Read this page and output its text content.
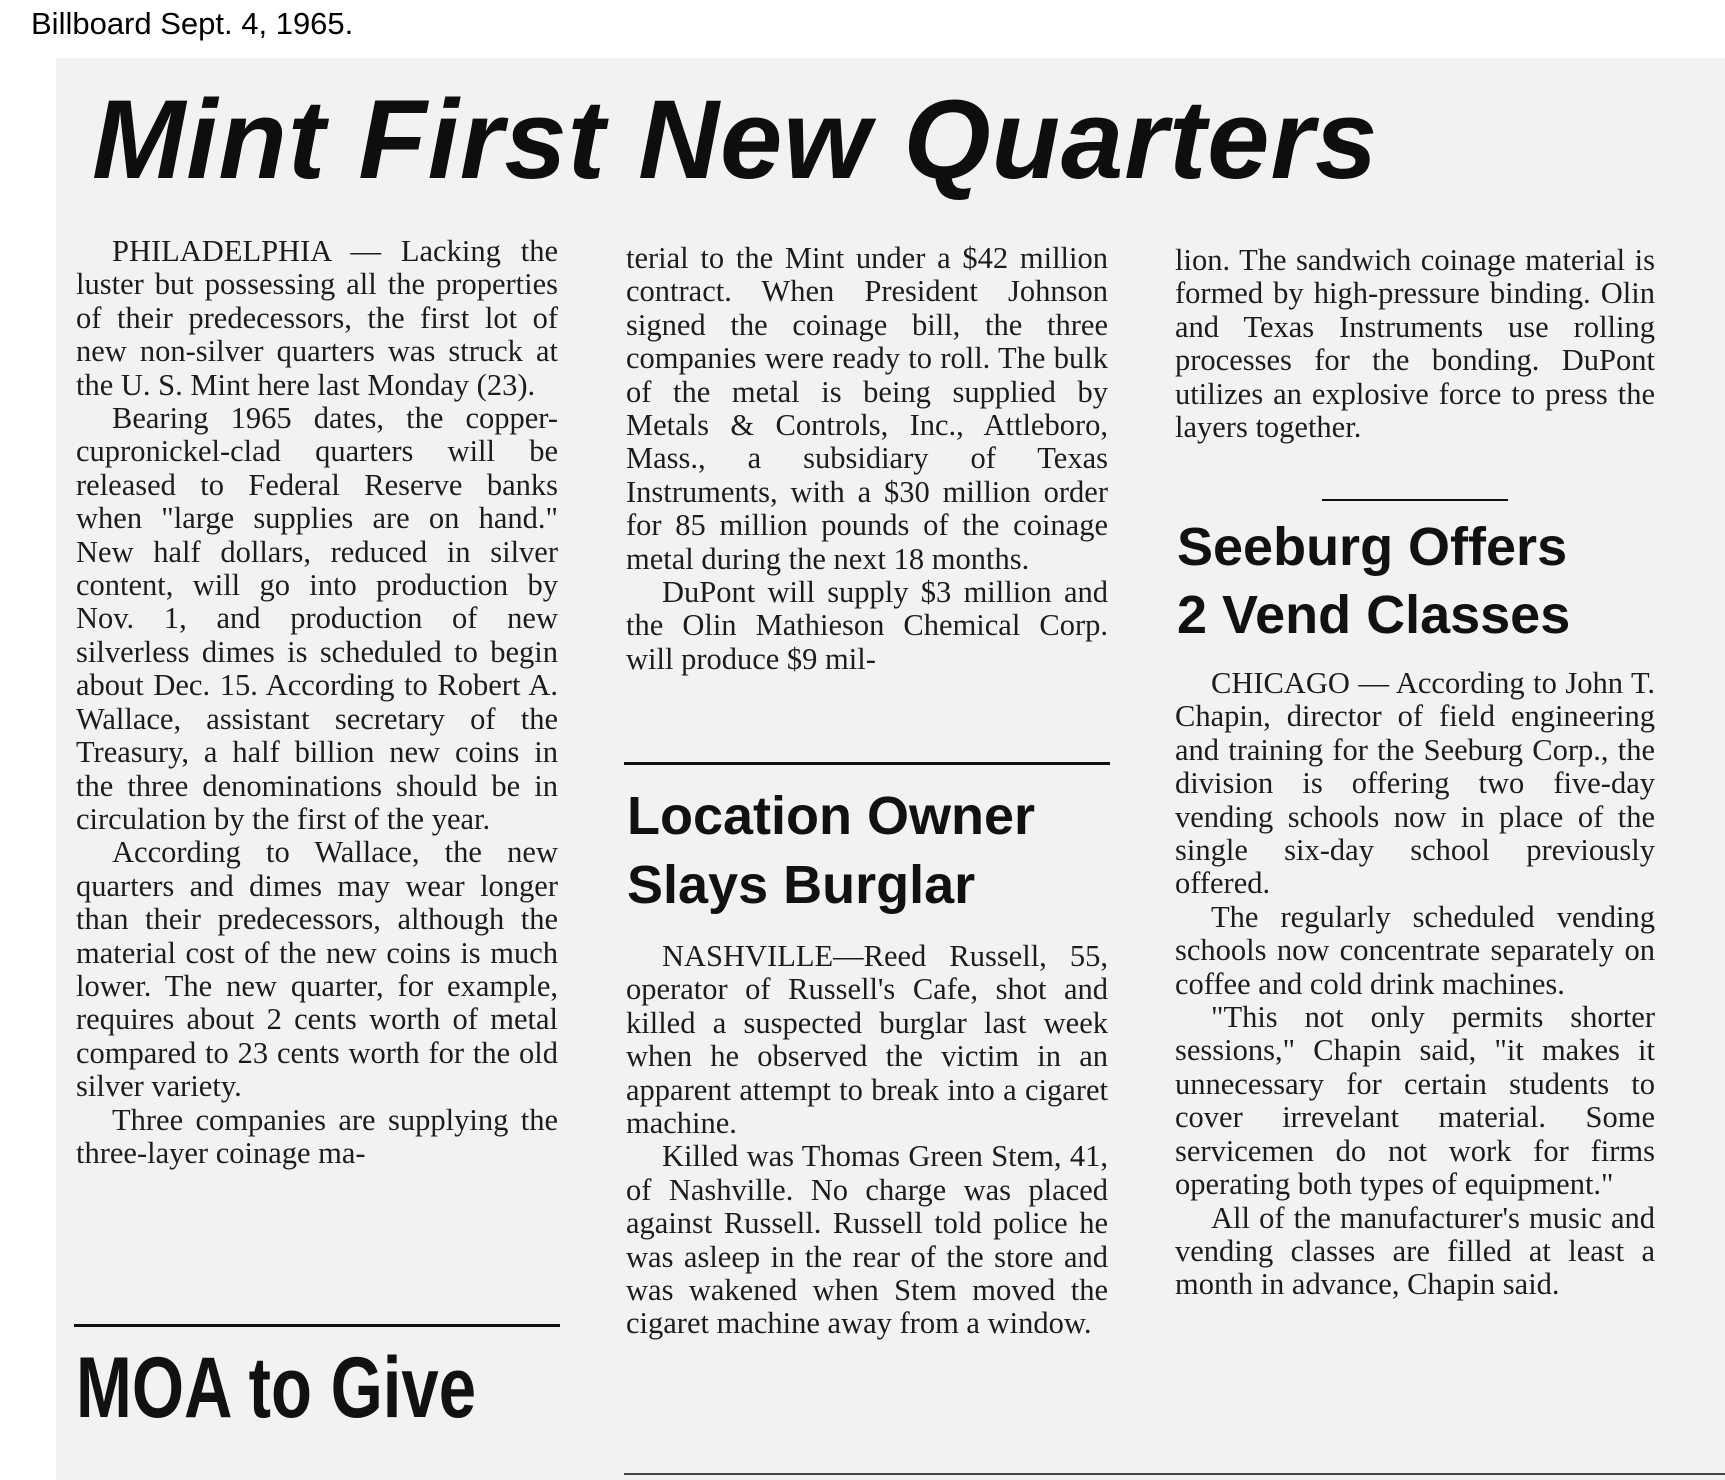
Billboard Sept. 4, 1965.
Mint First New Quarters

PHILADELPHIA — Lacking the luster but possessing all the properties of their predecessors, the first lot of new non-silver quarters was struck at the U. S. Mint here last Monday (23).

Bearing 1965 dates, the copper-cupronickel-clad quarters will be released to Federal Reserve banks when "large supplies are on hand." New half dollars, reduced in silver content, will go into production by Nov. 1, and production of new silverless dimes is scheduled to begin about Dec. 15. According to Robert A. Wallace, assistant secretary of the Treasury, a half billion new coins in the three denominations should be in circulation by the first of the year.

According to Wallace, the new quarters and dimes may wear longer than their predecessors, although the material cost of the new coins is much lower. The new quarter, for example, requires about 2 cents worth of metal compared to 23 cents worth for the old silver variety.

Three companies are supplying the three-layer coinage ma-

MOA to Give

terial to the Mint under a $42 million contract. When President Johnson signed the coinage bill, the three companies were ready to roll. The bulk of the metal is being supplied by Metals & Controls, Inc., Attleboro, Mass., a subsidiary of Texas Instruments, with a $30 million order for 85 million pounds of the coinage metal during the next 18 months.

DuPont will supply $3 million and the Olin Mathieson Chemical Corp. will produce $9 mil-

Location Owner
Slays Burglar

NASHVILLE—Reed Russell, 55, operator of Russell's Cafe, shot and killed a suspected burglar last week when he observed the victim in an apparent attempt to break into a cigaret machine.

Killed was Thomas Green Stem, 41, of Nashville. No charge was placed against Russell. Russell told police he was asleep in the rear of the store and was wakened when Stem moved the cigaret machine away from a window.

lion. The sandwich coinage material is formed by high-pressure binding. Olin and Texas Instruments use rolling processes for the bonding. DuPont utilizes an explosive force to press the layers together.

Seeburg Offers
2 Vend Classes

CHICAGO — According to John T. Chapin, director of field engineering and training for the Seeburg Corp., the division is offering two five-day vending schools now in place of the single six-day school previously offered.

The regularly scheduled vending schools now concentrate separately on coffee and cold drink machines.

"This not only permits shorter sessions," Chapin said, "it makes it unnecessary for certain students to cover irrevelant material. Some servicemen do not work for firms operating both types of equipment."

All of the manufacturer's music and vending classes are filled at least a month in advance, Chapin said.
